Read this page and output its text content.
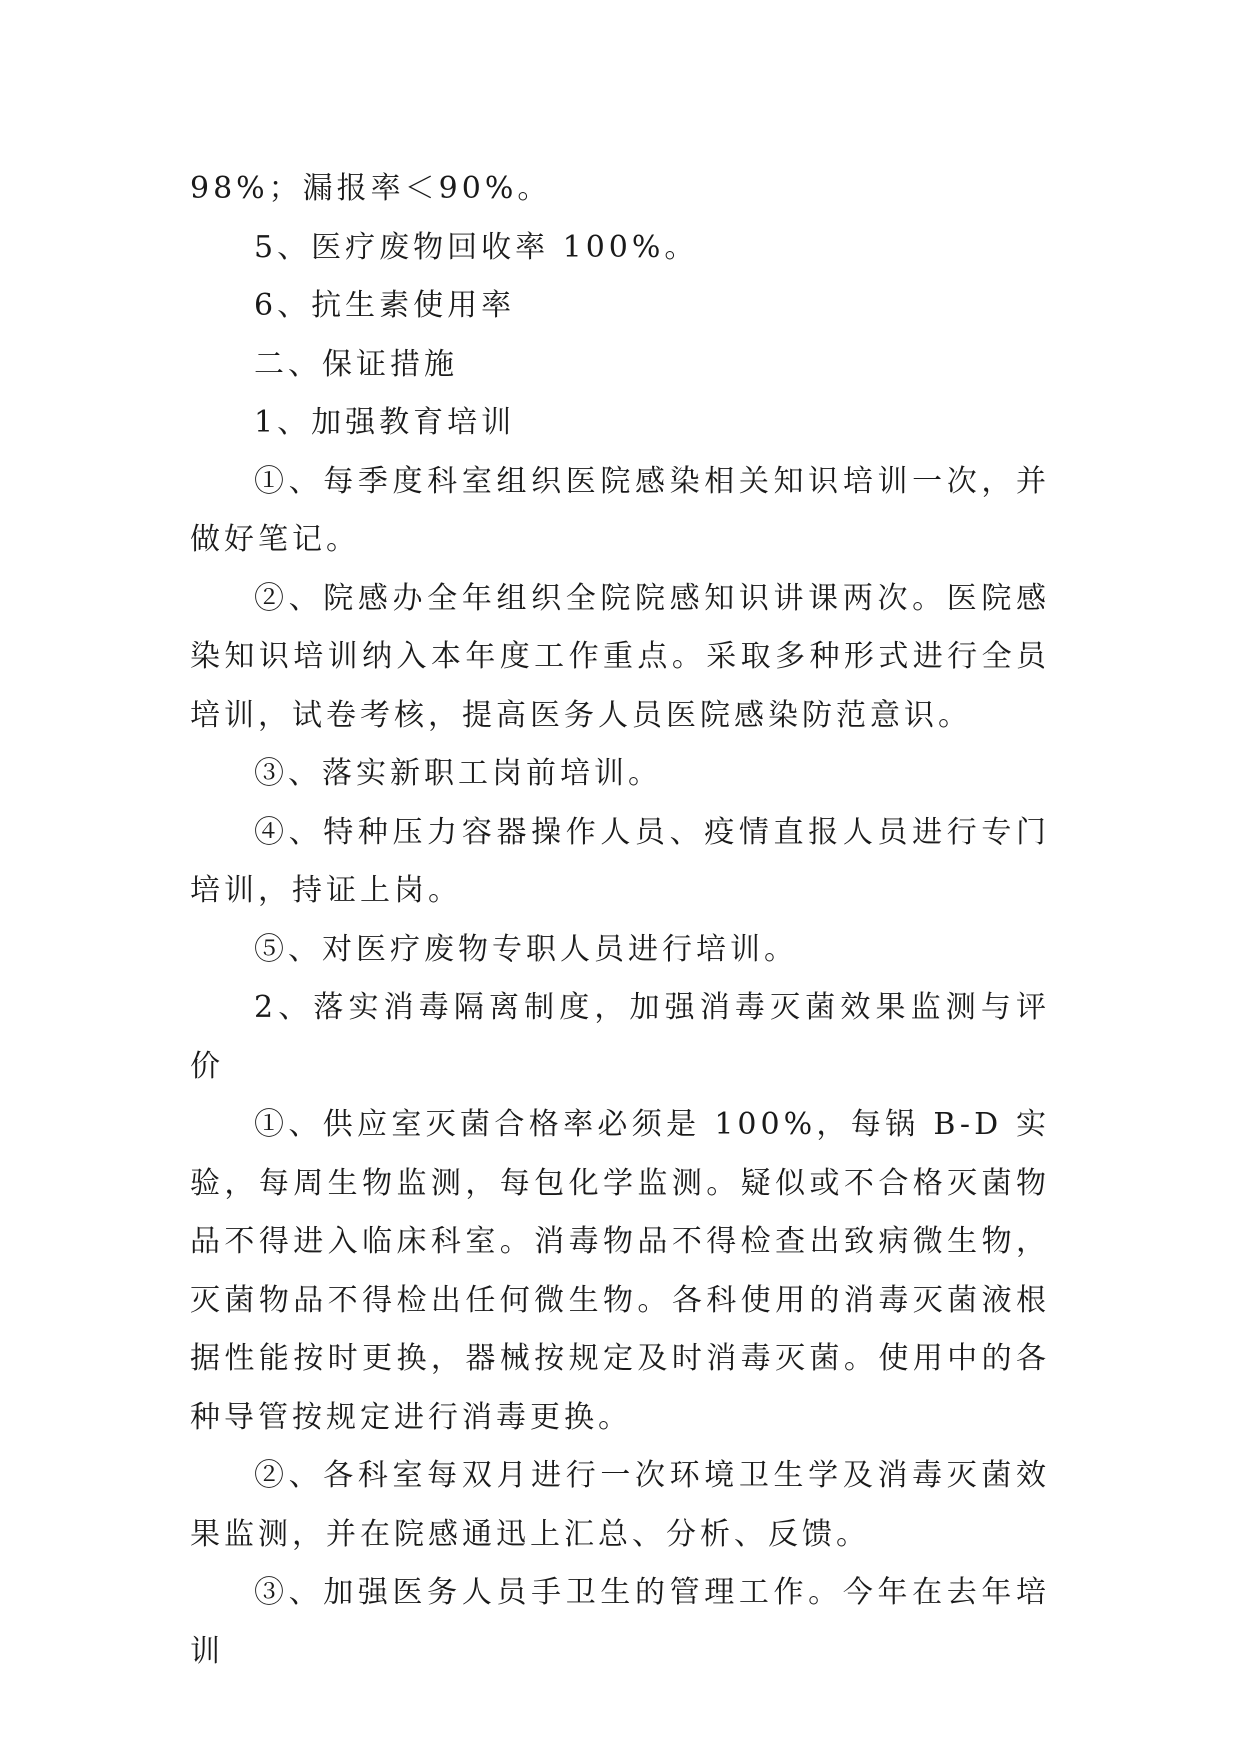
98%；漏报率＜90%。

5、医疗废物回收率 100%。

6、抗生素使用率

二、保证措施

1、加强教育培训

①、每季度科室组织医院感染相关知识培训一次，并做好笔记。

②、院感办全年组织全院院感知识讲课两次。医院感染知识培训纳入本年度工作重点。采取多种形式进行全员培训，试卷考核，提高医务人员医院感染防范意识。

③、落实新职工岗前培训。

④、特种压力容器操作人员、疫情直报人员进行专门培训，持证上岗。

⑤、对医疗废物专职人员进行培训。

2、落实消毒隔离制度，加强消毒灭菌效果监测与评价

①、供应室灭菌合格率必须是 100%，每锅 B-D 实验，每周生物监测，每包化学监测。疑似或不合格灭菌物品不得进入临床科室。消毒物品不得检查出致病微生物，灭菌物品不得检出任何微生物。各科使用的消毒灭菌液根据性能按时更换，器械按规定及时消毒灭菌。使用中的各种导管按规定进行消毒更换。

②、各科室每双月进行一次环境卫生学及消毒灭菌效果监测，并在院感通迅上汇总、分析、反馈。

③、加强医务人员手卫生的管理工作。今年在去年培训
